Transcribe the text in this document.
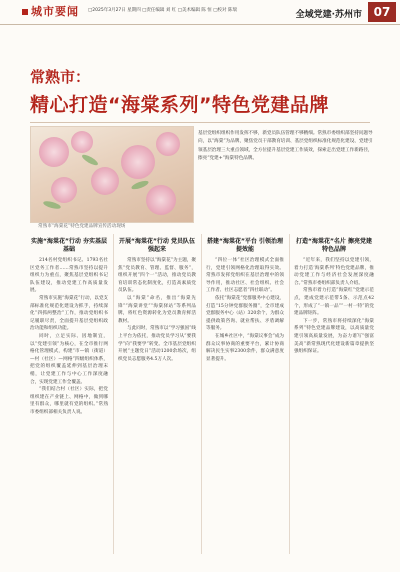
城市要闻 □2025年3月27日 星期四 □责任编辑 刘 红 □美术编辑 陈 恒 □校对 陈瑞	全域党建·苏州市 07
常熟市：
精心打造“海棠系列”特色党建品牌
常熟市“海棠花”特色党建品牌宣传活动现场
基层党组织组织作用发挥不够，新党员队伍管理不够精细。常熟市委组织部坚持问题导向，以“海棠”为品牌，聚焦党员干部教育培训、基层党组织标准化规范化建设、党建引领基层治理三大重点领域，全方位提升基层党建工作质效，探索走出党建工作新路径，擦亮“党建+”海棠特色品牌。
实施“海棠花”行动 夯实基层基础

214名村党组织书记、1793名社区党务工作者……常熟市坚持以提升组织力为重点，聚焦基层党组织书记队伍建设，推动党建工作高质量发展。

常熟市实施“海棠花”行动，以党支部标准化规范化建设为抓手，持续深化“四抓两整治”工作，推动党组织书记履职尽责，全面提升基层党组织政治功能和组织功能。

同时，立足实际、因地制宜，以“党建引领”为核心，在全市推行网格化管理模式，构建“市—镇（街道）—村（社区）—网格”四级组织体系，把党的组织覆盖延伸到基层治理末梢，让党建工作与中心工作深度融合，实现党建工作全覆盖。

“我们结合村（社区）实际，把党组织建在产业链上、网格中，做到哪里有群众，哪里就有党的组织。”常熟市委组织部相关负责人说。

开展“海棠花”行动 党员队伍强起来

常熟市坚持以“海棠花”为主题，聚焦“党员教育、管理、监督、服务”，组织开展“四个一”活动，推动党员教育培训常态化制度化，打造高素质党员队伍。

以“海棠”命名，推出“海棠先锋”“海棠讲堂”“海棠驿站”等系列品牌，将红色资源转化为党员教育鲜活教材。

与此同时，常熟市以“学习强国”线上平台为依托，推动党员学习从“要我学”向“我要学”转变。全市基层党组织开展“主题党日”活动1200余场次，组织党员志愿服务4.5万人次。

搭建“海棠花”平台 引领治理提效能

“四位一体”社区治理模式全面推行，党建引领网格化治理取得实效。常熟市发挥党组织在基层治理中的领导作用，推动社区、社会组织、社会工作者、社区志愿者“四社联动”。

依托“海棠花”党群服务中心建设，打造“15分钟党群服务圈”，全市建成党群服务中心（站）320余个，为群众提供政策咨询、就业帮扶、矛盾调解等服务。

在城乡社区中，“海棠议事会”成为群众议事协商的重要平台，累计协商解决民生实事2300余件，群众满意度显著提升。

打造“海棠花”名片 擦亮党建特色品牌

“近年来，我们坚持以党建引领，着力打造‘海棠系列’特色党建品牌，推动党建工作与经济社会发展深度融合。”常熟市委组织部负责人介绍。

常熟市着力打造“海棠红”党建示范点，建成党建示范带5条、示范点42个，形成了“一镇一品”“一村一特”的党建品牌矩阵。

下一步，常熟市将持续深化“海棠系列”特色党建品牌建设，以高质量党建引领高质量发展，为奋力谱写“强富美高”新常熟现代化建设新篇章提供坚强组织保证。
